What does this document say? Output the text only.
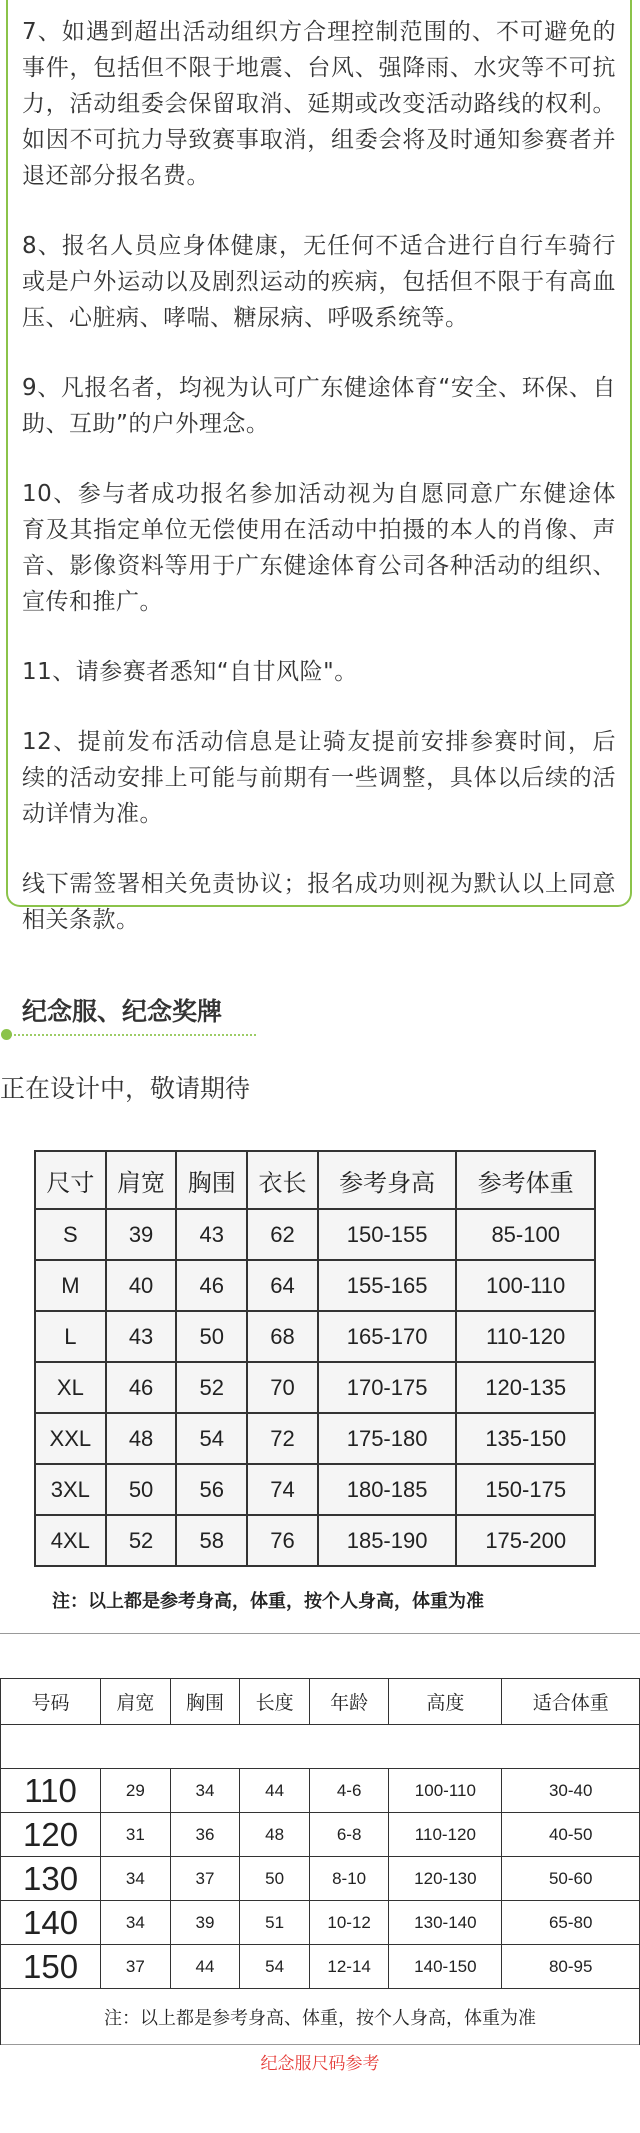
7、如遇到超出活动组织方合理控制范围的、不可避免的事件，包括但不限于地震、台风、强降雨、水灾等不可抗力，活动组委会保留取消、延期或改变活动路线的权利。如因不可抗力导致赛事取消，组委会将及时通知参赛者并退还部分报名费。

8、报名人员应身体健康，无任何不适合进行自行车骑行或是户外运动以及剧烈运动的疾病，包括但不限于有高血压、心脏病、哮喘、糖尿病、呼吸系统等。

9、凡报名者，均视为认可广东健途体育“安全、环保、自助、互助”的户外理念。

10、参与者成功报名参加活动视为自愿同意广东健途体育及其指定单位无偿使用在活动中拍摄的本人的肖像、声音、影像资料等用于广东健途体育公司各种活动的组织、宣传和推广。

11、请参赛者悉知“自甘风险"。

12、提前发布活动信息是让骑友提前安排参赛时间，后续的活动安排上可能与前期有一些调整，具体以后续的活动详情为准。

线下需签署相关免责协议；报名成功则视为默认以上同意相关条款。

纪念服、纪念奖牌
正在设计中，敬请期待
尺寸	肩宽	胸围	衣长	参考身高	参考体重
S	39	43	62	150-155	85-100
M	40	46	64	155-165	100-110
L	43	50	68	165-170	110-120
XL	46	52	70	170-175	120-135
XXL	48	54	72	175-180	135-150
3XL	50	56	74	180-185	150-175
4XL	52	58	76	185-190	175-200
注：以上都是参考身高，体重，按个人身高，体重为准
号码	肩宽	胸围	长度	年龄	高度	适合体重

110	29	34	44	4-6	100-110	30-40
120	31	36	48	6-8	110-120	40-50
130	34	37	50	8-10	120-130	50-60
140	34	39	51	10-12	130-140	65-80
150	37	44	54	12-14	140-150	80-95
注：以上都是参考身高、体重，按个人身高，体重为准						
纪念服尺码参考
